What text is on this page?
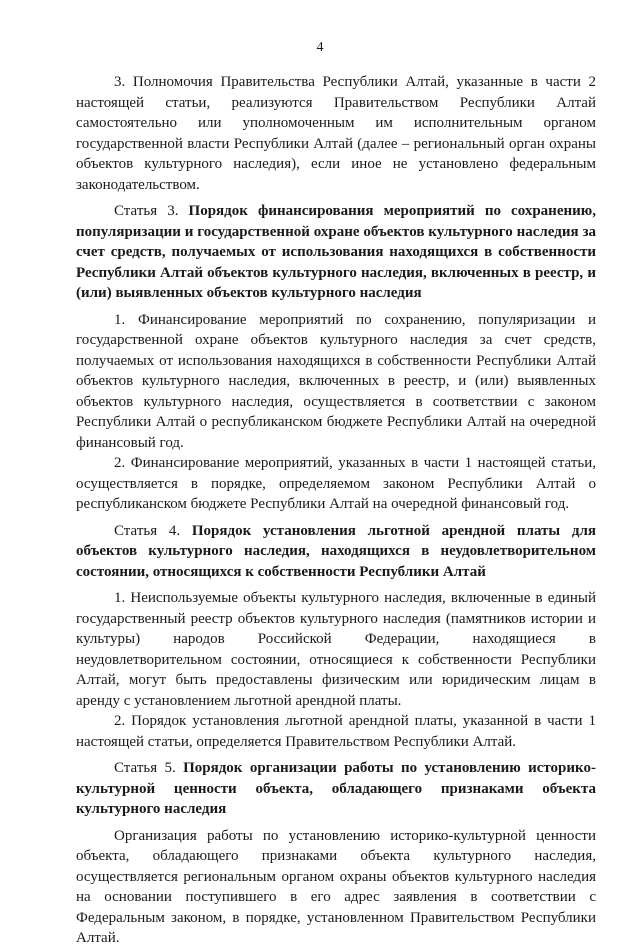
4

3. Полномочия Правительства Республики Алтай, указанные в части 2 настоящей статьи, реализуются Правительством Республики Алтай самостоятельно или уполномоченным им исполнительным органом государственной власти Республики Алтай (далее – региональный орган охраны объектов культурного наследия), если иное не установлено федеральным законодательством.

Статья 3. Порядок финансирования мероприятий по сохранению, популяризации и государственной охране объектов культурного наследия за счет средств, получаемых от использования находящихся в собственности Республики Алтай объектов культурного наследия, включенных в реестр, и (или) выявленных объектов культурного наследия

1. Финансирование мероприятий по сохранению, популяризации и государственной охране объектов культурного наследия за счет средств, получаемых от использования находящихся в собственности Республики Алтай объектов культурного наследия, включенных в реестр, и (или) выявленных объектов культурного наследия, осуществляется в соответствии с законом Республики Алтай о республиканском бюджете Республики Алтай на очередной финансовый год.

2. Финансирование мероприятий, указанных в части 1 настоящей статьи, осуществляется в порядке, определяемом законом Республики Алтай о республиканском бюджете Республики Алтай на очередной финансовый год.

Статья 4. Порядок установления льготной арендной платы для объектов культурного наследия, находящихся в неудовлетворительном состоянии, относящихся к собственности Республики Алтай

1. Неиспользуемые объекты культурного наследия, включенные в единый государственный реестр объектов культурного наследия (памятников истории и культуры) народов Российской Федерации, находящиеся в неудовлетворительном состоянии, относящиеся к собственности Республики Алтай, могут быть предоставлены физическим или юридическим лицам в аренду с установлением льготной арендной платы.

2. Порядок установления льготной арендной платы, указанной в части 1 настоящей статьи, определяется Правительством Республики Алтай.

Статья 5. Порядок организации работы по установлению историко-культурной ценности объекта, обладающего признаками объекта культурного наследия

Организация работы по установлению историко-культурной ценности объекта, обладающего признаками объекта культурного наследия, осуществляется региональным органом охраны объектов культурного наследия на основании поступившего в его адрес заявления в соответствии с Федеральным законом, в порядке, установленном Правительством Республики Алтай.
